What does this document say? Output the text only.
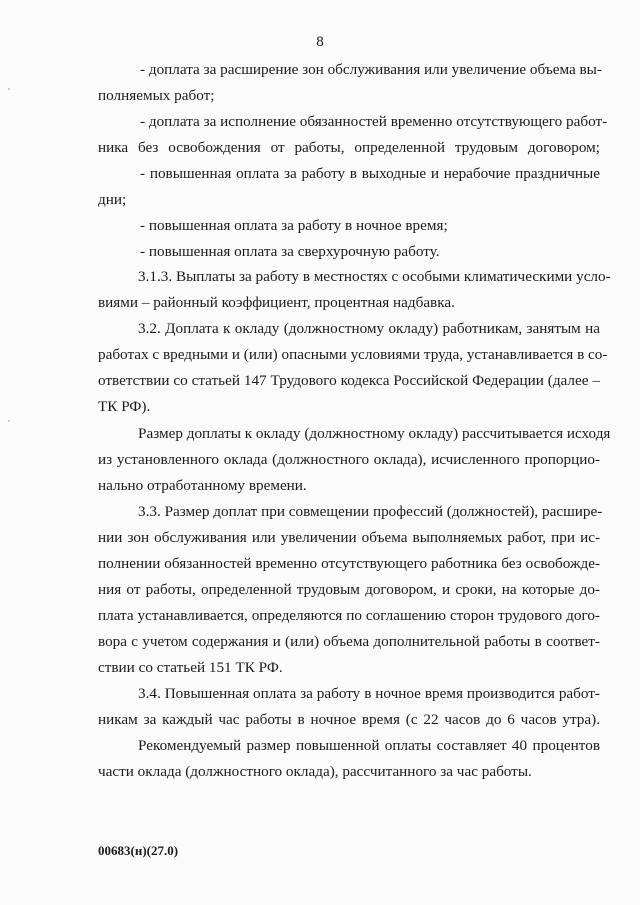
8
- доплата за расширение зон обслуживания или увеличение объема вы-
полняемых работ;
- доплата за исполнение обязанностей временно отсутствующего работ-
ника без освобождения от работы, определенной трудовым договором;
- повышенная оплата за работу в выходные и нерабочие праздничные
дни;
- повышенная оплата за работу в ночное время;
- повышенная оплата за сверхурочную работу.
3.1.3. Выплаты за работу в местностях с особыми климатическими усло-
виями – районный коэффициент, процентная надбавка.
3.2. Доплата к окладу (должностному окладу) работникам, занятым на
работах с вредными и (или) опасными условиями труда, устанавливается в со-
ответствии со статьей 147 Трудового кодекса Российской Федерации (далее –
ТК РФ).
Размер доплаты к окладу (должностному окладу) рассчитывается исходя
из установленного оклада (должностного оклада), исчисленного пропорцио-
нально отработанному времени.
3.3. Размер доплат при совмещении профессий (должностей), расшире-
нии зон обслуживания или увеличении объема выполняемых работ, при ис-
полнении обязанностей временно отсутствующего работника без освобожде-
ния от работы, определенной трудовым договором, и сроки, на которые до-
плата устанавливается, определяются по соглашению сторон трудового дого-
вора с учетом содержания и (или) объема дополнительной работы в соответ-
ствии со статьей 151 ТК РФ.
3.4. Повышенная оплата за работу в ночное время производится работ-
никам за каждый час работы в ночное время (с 22 часов до 6 часов утра).
Рекомендуемый размер повышенной оплаты составляет 40 процентов
части оклада (должностного оклада), рассчитанного за час работы.
00683(н)(27.0)
